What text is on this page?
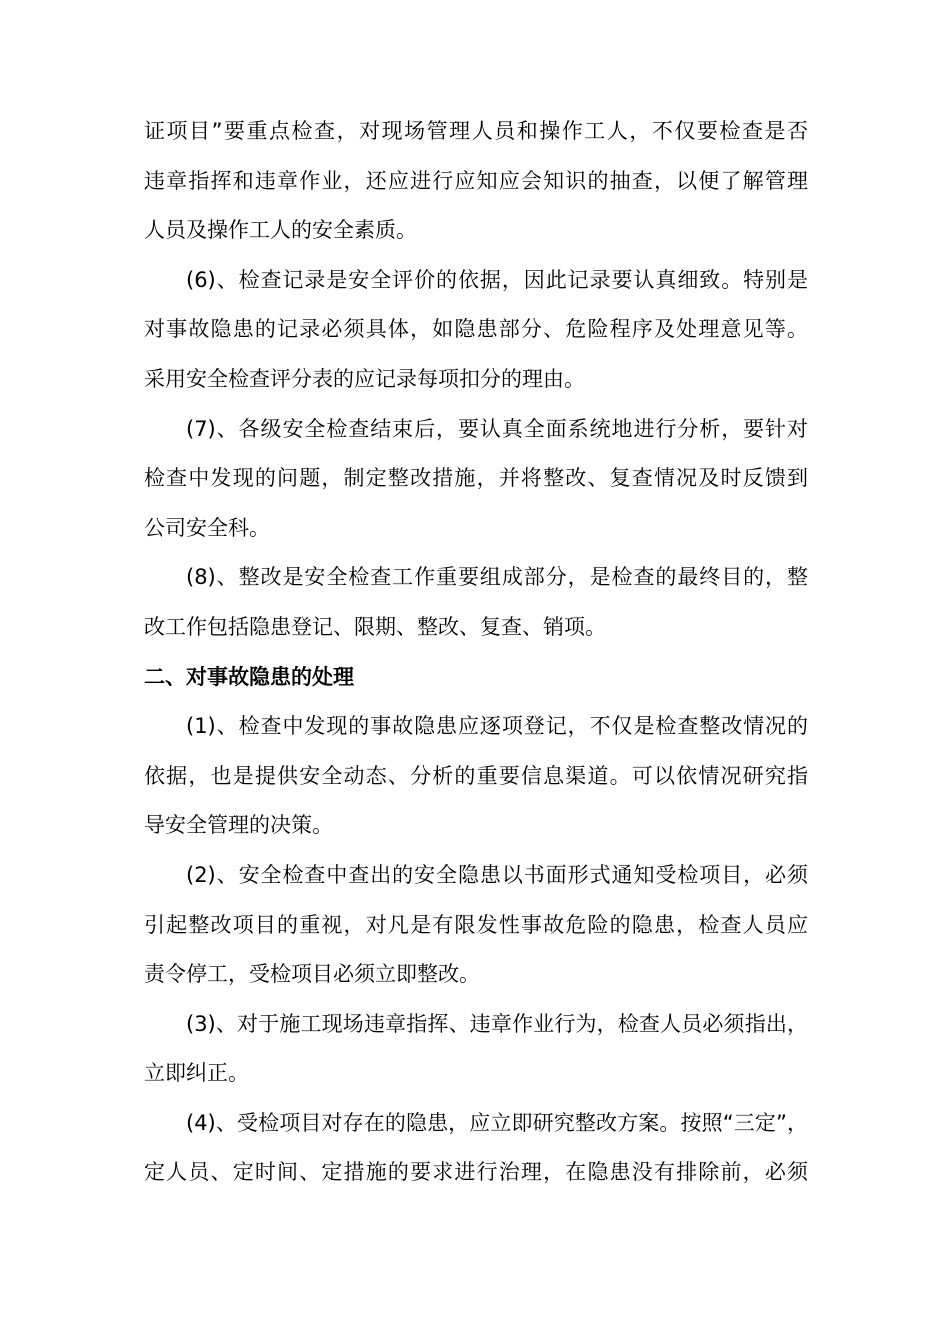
证项目”要重点检查，对现场管理人员和操作工人，不仅要检查是否
违章指挥和违章作业，还应进行应知应会知识的抽查，以便了解管理
人员及操作工人的安全素质。
(6)、检查记录是安全评价的依据，因此记录要认真细致。特别是
对事故隐患的记录必须具体，如隐患部分、危险程序及处理意见等。
采用安全检查评分表的应记录每项扣分的理由。
(7)、各级安全检查结束后，要认真全面系统地进行分析，要针对
检查中发现的问题，制定整改措施，并将整改、复查情况及时反馈到
公司安全科。
(8)、整改是安全检查工作重要组成部分，是检查的最终目的，整
改工作包括隐患登记、限期、整改、复查、销项。
二、对事故隐患的处理
(1)、检查中发现的事故隐患应逐项登记，不仅是检查整改情况的
依据，也是提供安全动态、分析的重要信息渠道。可以依情况研究指
导安全管理的决策。
(2)、安全检查中查出的安全隐患以书面形式通知受检项目，必须
引起整改项目的重视，对凡是有限发性事故危险的隐患，检查人员应
责令停工，受检项目必须立即整改。
(3)、对于施工现场违章指挥、违章作业行为，检查人员必须指出，
立即纠正。
(4)、受检项目对存在的隐患，应立即研究整改方案。按照“三定”，
定人员、定时间、定措施的要求进行治理，在隐患没有排除前，必须
